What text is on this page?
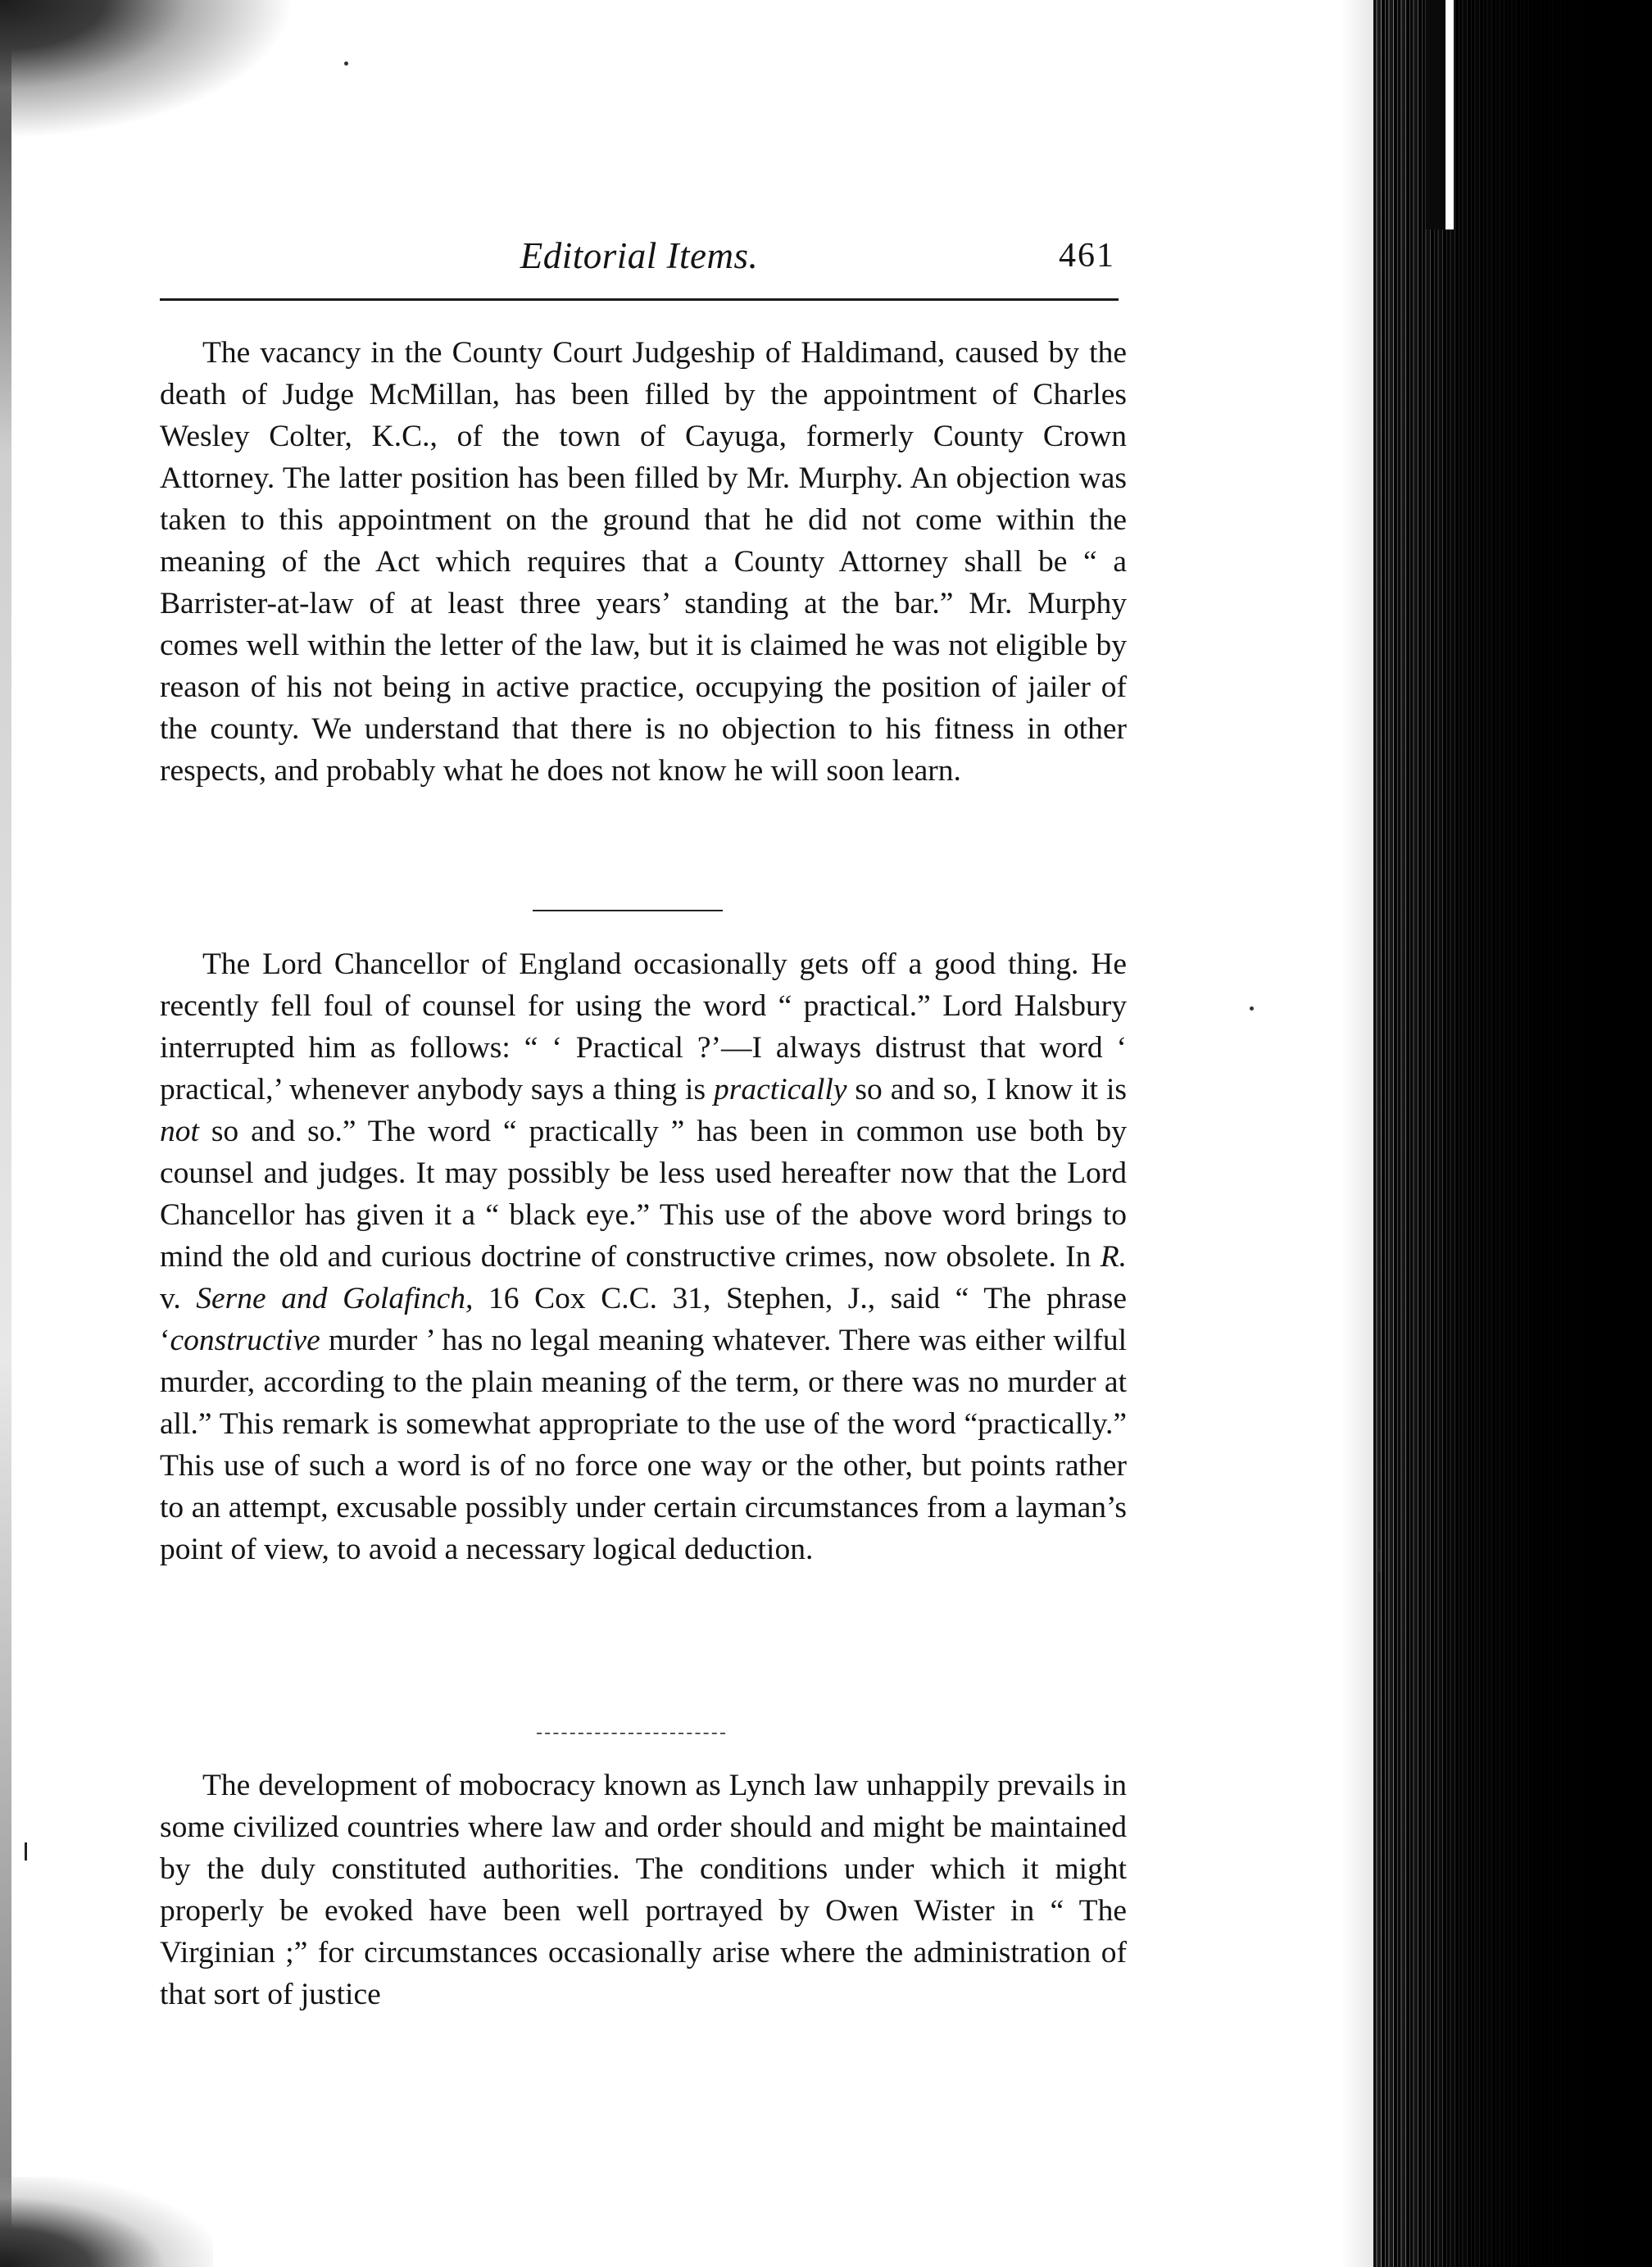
Editorial Items.	461

The vacancy in the County Court Judgeship of Haldimand, caused by the death of Judge McMillan, has been filled by the appointment of Charles Wesley Colter, K.C., of the town of Cayuga, formerly County Crown Attorney. The latter position has been filled by Mr. Murphy. An objection was taken to this appointment on the ground that he did not come within the meaning of the Act which requires that a County Attorney shall be “ a Barrister-at-law of at least three years’ standing at the bar.” Mr. Murphy comes well within the letter of the law, but it is claimed he was not eligible by reason of his not being in active practice, occupying the position of jailer of the county. We understand that there is no objection to his fitness in other respects, and probably what he does not know he will soon learn.

The Lord Chancellor of England occasionally gets off a good thing. He recently fell foul of counsel for using the word “ practical.” Lord Halsbury interrupted him as follows: “ ‘ Practical ?’—I always distrust that word ‘ practical,’ whenever anybody says a thing is practically so and so, I know it is not so and so.” The word “ practically ” has been in common use both by counsel and judges. It may possibly be less used hereafter now that the Lord Chancellor has given it a “ black eye.” This use of the above word brings to mind the old and curious doctrine of constructive crimes, now obsolete. In R. v. Serne and Golafinch, 16 Cox C.C. 31, Stephen, J., said “ The phrase ‘constructive murder ’ has no legal meaning whatever. There was either wilful murder, according to the plain meaning of the term, or there was no murder at all.” This remark is somewhat appropriate to the use of the word “practically.” This use of such a word is of no force one way or the other, but points rather to an attempt, excusable possibly under certain circumstances from a layman’s point of view, to avoid a necessary logical deduction.

The development of mobocracy known as Lynch law unhappily prevails in some civilized countries where law and order should and might be maintained by the duly constituted authorities. The conditions under which it might properly be evoked have been well portrayed by Owen Wister in “ The Virginian ;” for circumstances occasionally arise where the administration of that sort of justice
